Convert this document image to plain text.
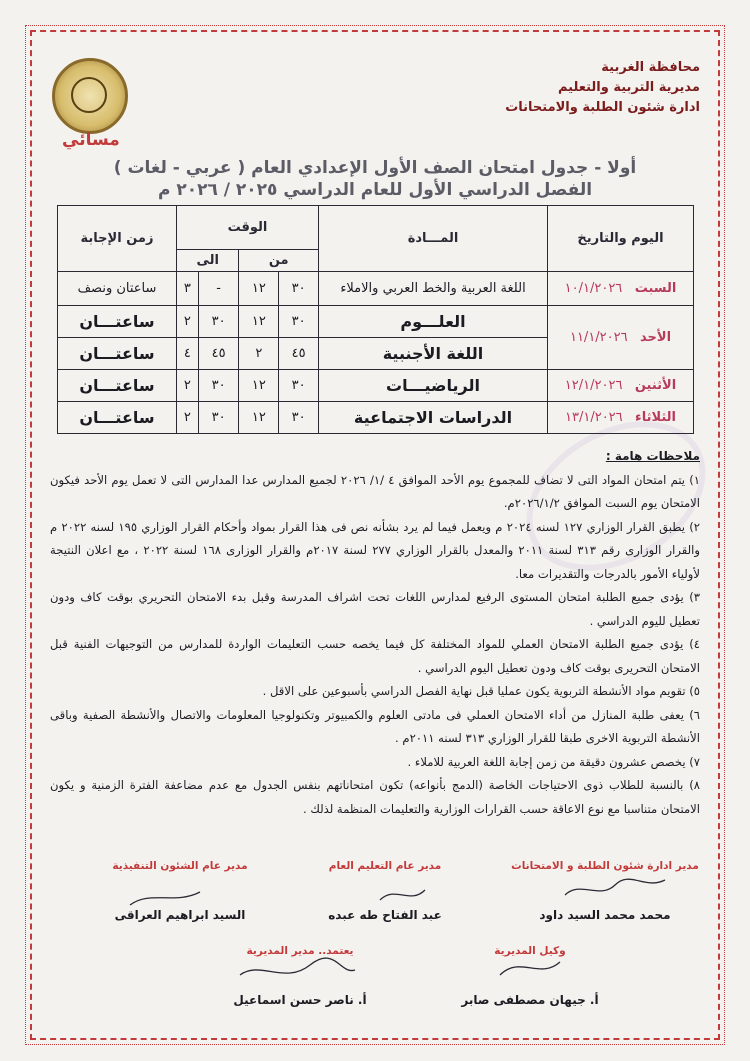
مسائي
محافظة الغربية
مديرية التربية والتعليم
ادارة شئون الطلبة والامتحانات
أولا - جدول امتحان الصف الأول الإعدادي العام ( عربي - لغات )
الفصل الدراسي الأول للعام الدراسي ٢٠٢٥ / ٢٠٢٦ م
اليوم والتاريخ	المـــادة	الوقت				زمن الإجابة
		من		الى		
السبت   ١٠/١/٢٠٢٦	اللغة العربية والخط العربي والاملاء	٣٠	١٢	-	٣	ساعتان ونصف
الأحد   ١١/١/٢٠٢٦	العلـــوم	٣٠	١٢	٣٠	٢	ساعتـــان
	اللغة الأجنبية	٤٥	٢	٤٥	٤	ساعتـــان
الأثنين   ١٢/١/٢٠٢٦	الرياضيـــات	٣٠	١٢	٣٠	٢	ساعتـــان
الثلاثاء   ١٣/١/٢٠٢٦	الدراسات الاجتماعية	٣٠	١٢	٣٠	٢	ساعتـــان
ملاحظات هامة :

١) يتم امتحان المواد التى لا تضاف للمجموع يوم الأحد الموافق ٤ /١/ ٢٠٢٦ لجميع المدارس عدا المدارس التى لا تعمل يوم الأحد فيكون الامتحان يوم السبت الموافق ٢٠٢٦/١/٢م.

٢) يطبق القرار الوزاري ١٢٧ لسنه ٢٠٢٤ م ويعمل فيما لم يرد بشأنه نص فى هذا القرار بمواد وأحكام القرار الوزاري ١٩٥ لسنه ٢٠٢٢ م والقرار الوزارى رقم ٣١٣ لسنة ٢٠١١ والمعدل بالقرار الوزاري ٢٧٧ لسنة ٢٠١٧م والقرار الوزارى ١٦٨ لسنة ٢٠٢٢ ، مع اعلان النتيجة لأولياء الأمور بالدرجات والتقديرات معا.

٣) يؤدى جميع الطلبة امتحان المستوى الرفيع لمدارس اللغات تحت اشراف المدرسة وقبل بدء الامتحان التحريري بوقت كاف ودون تعطيل لليوم الدراسي .

٤) يؤدى جميع الطلبة الامتحان العملي للمواد المختلفة كل فيما يخصه حسب التعليمات الواردة للمدارس من التوجيهات الفنية قبل الامتحان التحريرى بوقت كاف ودون تعطيل اليوم الدراسي .

٥) تقويم مواد الأنشطة التربوية يكون عمليا قبل نهاية الفصل الدراسي بأسبوعين على الاقل .

٦) يعفى طلبة المنازل من أداء الامتحان العملي فى مادتى العلوم والكمبيوتر وتكنولوجيا المعلومات والاتصال والأنشطة الصفية وباقى الأنشطة التربوية الاخرى طبقا للقرار الوزاري ٣١٣ لسنه ٢٠١١م .

٧) يخصص عشرون دقيقة من زمن إجابة اللغة العربية للاملاء .

٨) بالنسبة للطلاب ذوى الاحتياجات الخاصة (الدمج بأنواعه) تكون امتحاناتهم بنفس الجدول مع عدم مضاعفة الفترة الزمنية و يكون الامتحان متناسبا مع نوع الاعاقة حسب القرارات الوزارية والتعليمات المنظمة لذلك .

مدير ادارة شئون الطلبة و الامتحانات
محمد محمد السيد داود
مدير عام التعليم العام
عبد الفتاح طه عبده
مدير عام الشئون التنفيذية
السيد ابراهيم العراقى
وكيل المديرية
أ. جيهان مصطفى صابر
يعتمد.. مدير المديرية
أ. ناصر حسن اسماعيل
